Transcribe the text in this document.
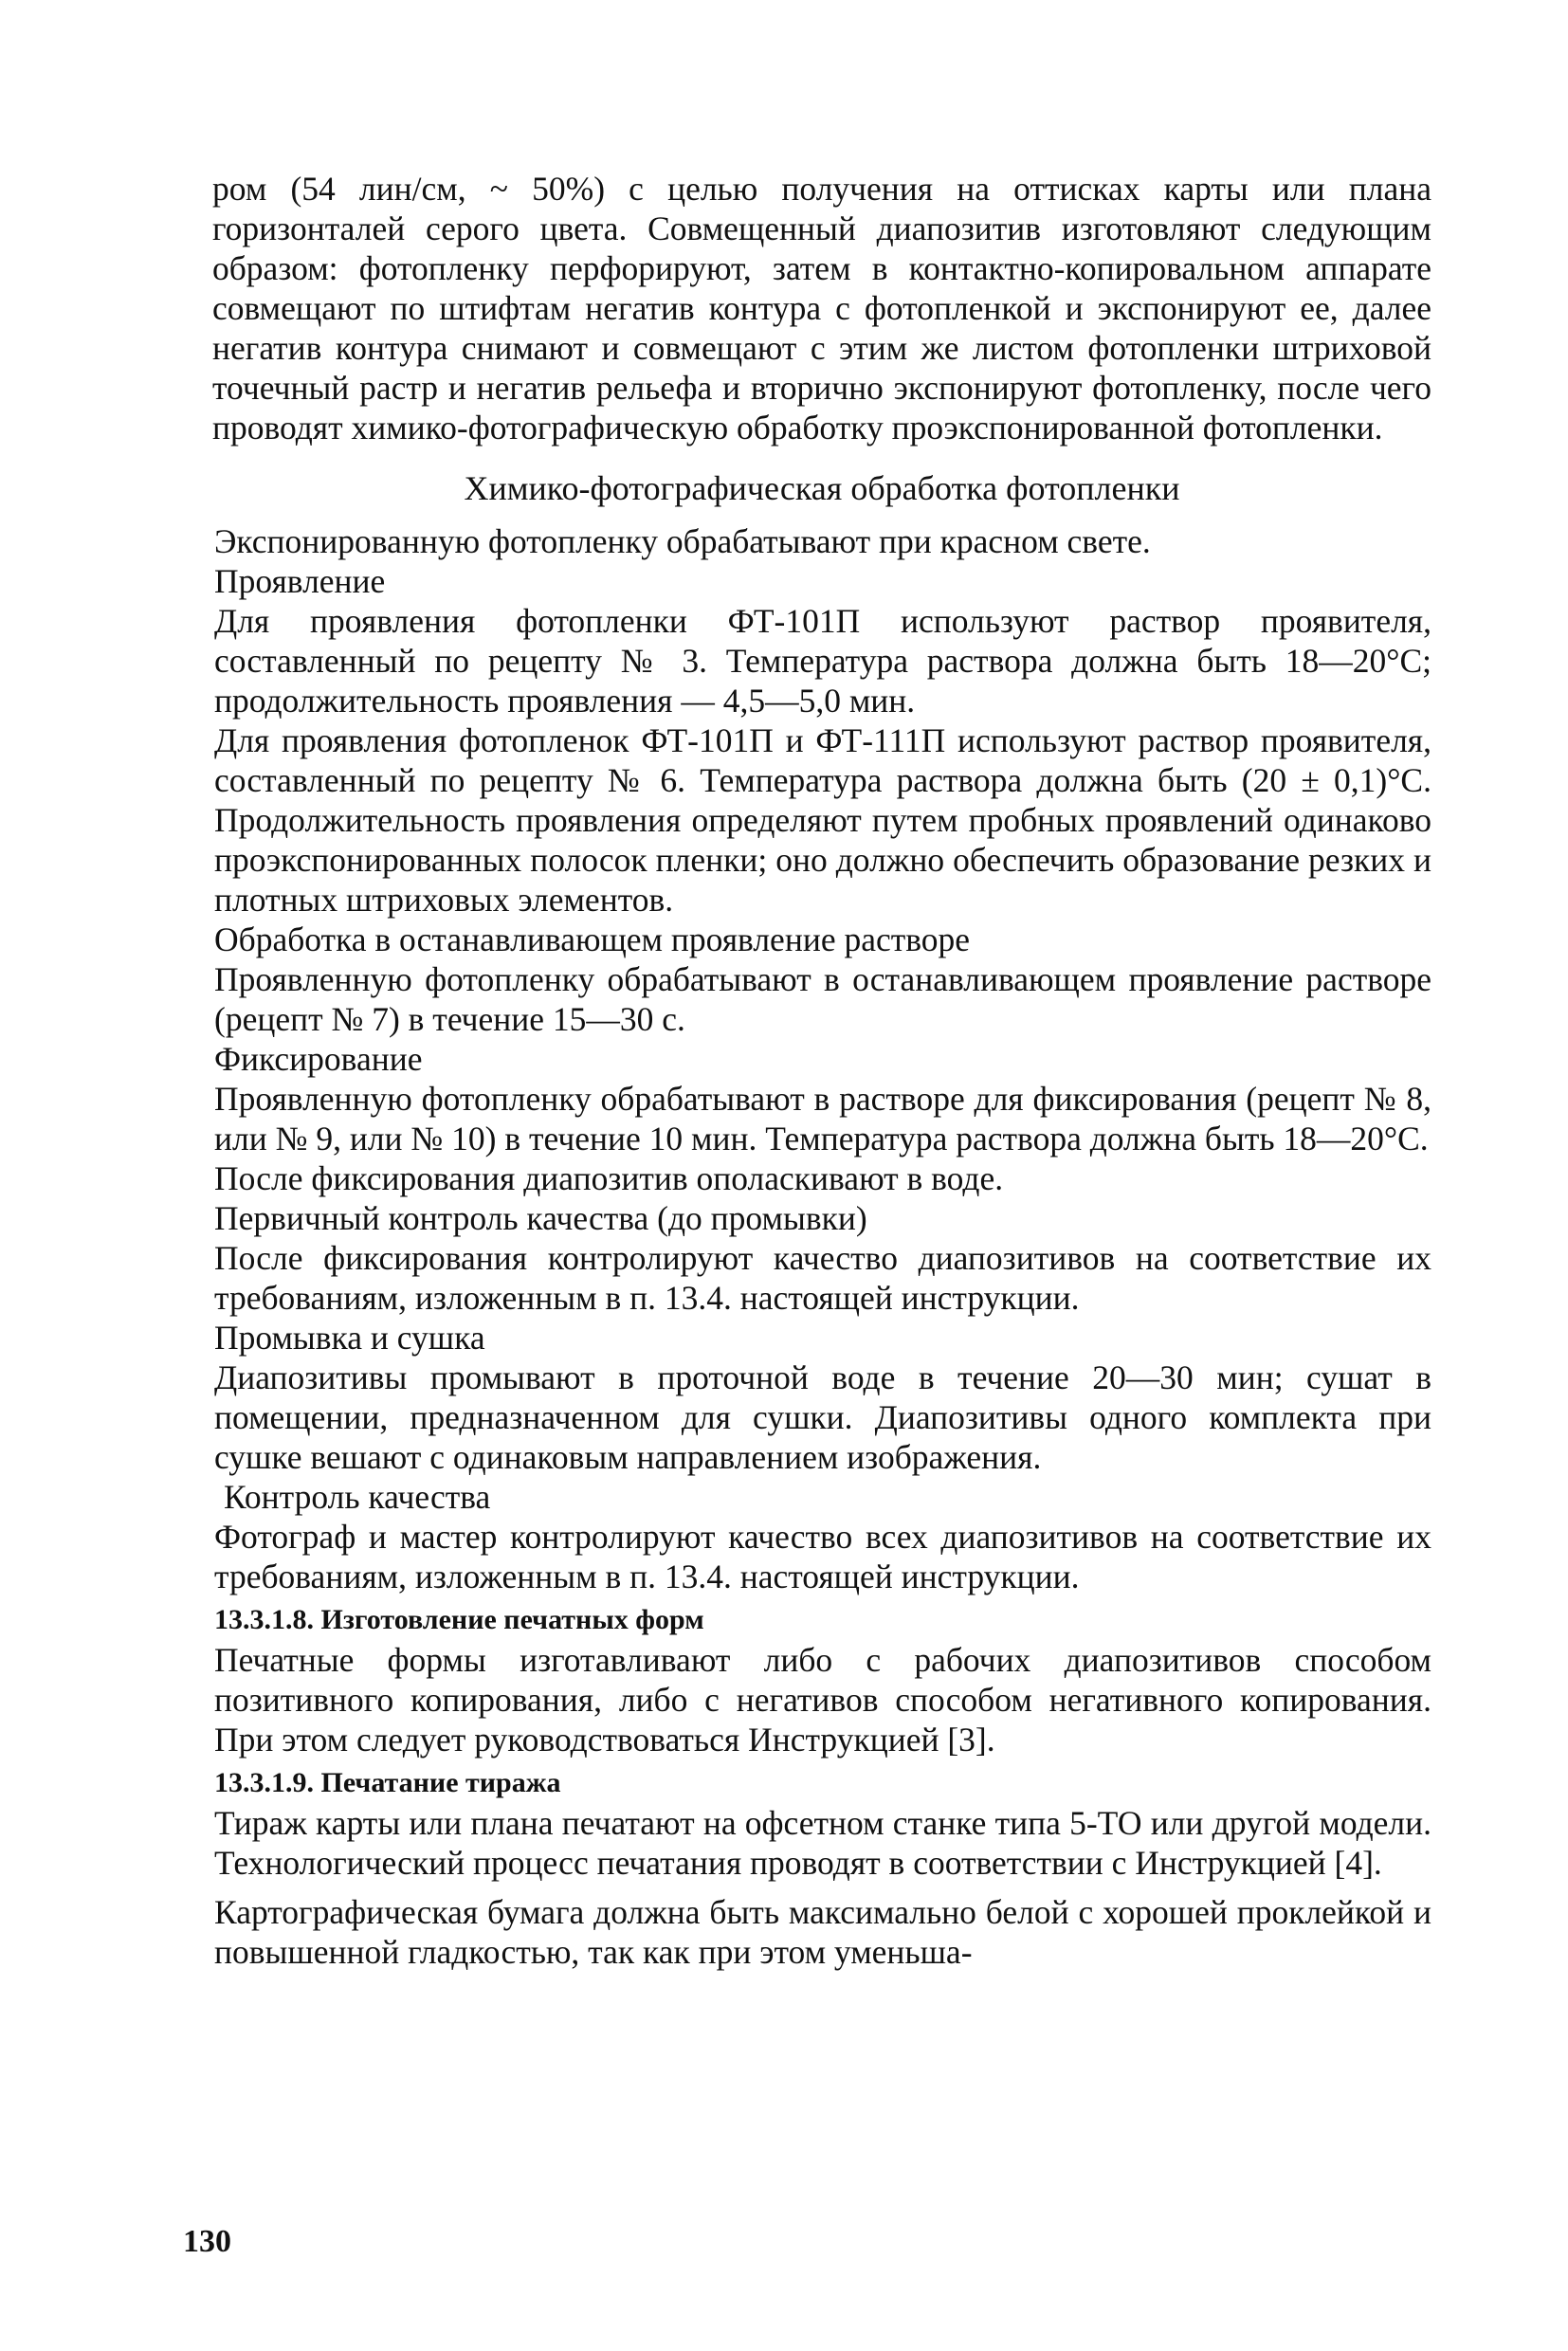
ром (54 лин/см, ~ 50%) с целью получения на оттисках карты или плана горизонталей серого цвета. Совмещенный диапозитив изготовляют следующим образом: фотопленку перфорируют, затем в контактно-копировальном аппарате совмещают по штифтам негатив контура с фотопленкой и экспонируют ее, далее негатив контура снимают и совмещают с этим же листом фотопленки штриховой точечный растр и негатив рельефа и вторично экспонируют фотопленку, после чего проводят химико-фотографическую обработку проэкспонированной фотопленки.

Химико-фотографическая обработка фотопленки

Экспонированную фотопленку обрабатывают при красном свете.

Проявление

Для проявления фотопленки ФТ-101П используют раствор проявителя, составленный по рецепту № 3. Температура раствора должна быть 18—20°С; продолжительность проявления — 4,5—5,0 мин.

Для проявления фотопленок ФТ-101П и ФТ-111П используют раствор проявителя, составленный по рецепту № 6. Температура раствора должна быть (20 ± 0,1)°С. Продолжительность проявления определяют путем пробных проявлений одинаково проэкспонированных полосок пленки; оно должно обеспечить образование резких и плотных штриховых элементов.

Обработка в останавливающем проявление растворе

Проявленную фотопленку обрабатывают в останавливающем проявление растворе (рецепт № 7) в течение 15—30 с.

Фиксирование

Проявленную фотопленку обрабатывают в растворе для фиксирования (рецепт № 8, или № 9, или № 10) в течение 10 мин. Температура раствора должна быть 18—20°С.

После фиксирования диапозитив ополаскивают в воде.

Первичный контроль качества (до промывки)

После фиксирования контролируют качество диапозитивов на соответствие их требованиям, изложенным в п. 13.4. настоящей инструкции.

Промывка и сушка

Диапозитивы промывают в проточной воде в течение 20—30 мин; сушат в помещении, предназначенном для сушки. Диапозитивы одного комплекта при сушке вешают с одинаковым направлением изображения.

Контроль качества

Фотограф и мастер контролируют качество всех диапозитивов на соответствие их требованиям, изложенным в п. 13.4. настоящей инструкции.

13.3.1.8. Изготовление печатных форм

Печатные формы изготавливают либо с рабочих диапозитивов способом позитивного копирования, либо с негативов способом негативного копирования. При этом следует руководствоваться Инструкцией [3].

13.3.1.9. Печатание тиража

Тираж карты или плана печатают на офсетном станке типа 5-ТО или другой модели. Технологический процесс печатания проводят в соответствии с Инструкцией [4].

Картографическая бумага должна быть максимально белой с хорошей проклейкой и повышенной гладкостью, так как при этом уменьша-

130
